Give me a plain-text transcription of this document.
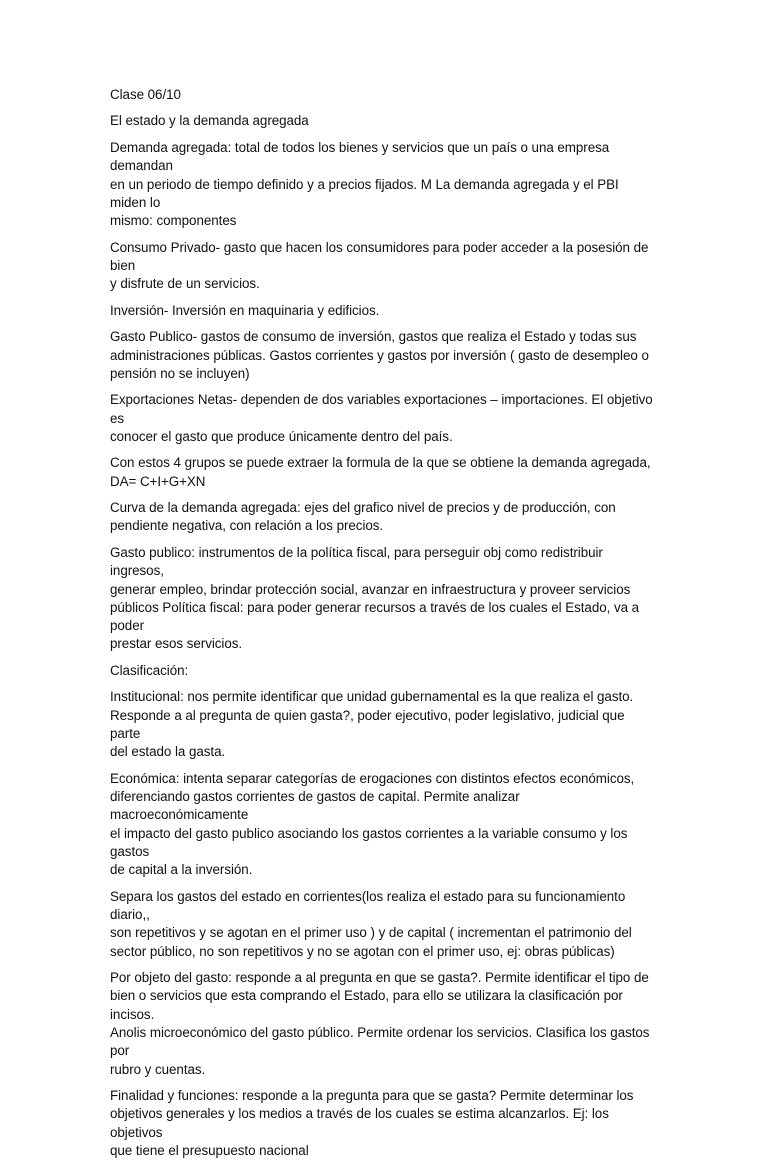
Clase 06/10

El estado y la demanda agregada

Demanda agregada: total de todos los bienes y servicios que un país o una empresa demandan
en un periodo de tiempo definido y a precios fijados. M La demanda agregada y el PBI miden lo
mismo: componentes

Consumo Privado- gasto que hacen los consumidores para poder acceder a la posesión de bien
y disfrute de un servicios.

Inversión- Inversión en maquinaria y edificios.

Gasto Publico- gastos de consumo de inversión, gastos que realiza el Estado y todas sus
administraciones públicas. Gastos corrientes y gastos por inversión ( gasto de desempleo o
pensión no se incluyen)

Exportaciones Netas- dependen de dos variables exportaciones – importaciones. El objetivo es
conocer el gasto que produce únicamente dentro del país.

Con estos 4 grupos se puede extraer la formula de la que se obtiene la demanda agregada,
DA= C+I+G+XN

Curva de la demanda agregada: ejes del grafico nivel de precios y de producción, con
pendiente negativa, con relación a los precios.

Gasto publico: instrumentos de la política fiscal, para perseguir obj como redistribuir ingresos,
generar empleo, brindar protección social, avanzar en infraestructura y proveer servicios
públicos Política fiscal: para poder generar recursos a través de los cuales el Estado, va a poder
prestar esos servicios.

Clasificación:

Institucional: nos permite identificar que unidad gubernamental es la que realiza el gasto.
Responde a al pregunta de quien gasta?, poder ejecutivo, poder legislativo, judicial que parte
del estado la gasta.

Económica: intenta separar categorías de erogaciones con distintos efectos económicos,
diferenciando gastos corrientes de gastos de capital. Permite analizar macroeconómicamente
el impacto del gasto publico asociando los gastos corrientes a la variable consumo y los gastos
de capital a la inversión.

Separa los gastos del estado en corrientes(los realiza el estado para su funcionamiento diario,,
son repetitivos y se agotan en el primer uso ) y de capital ( incrementan el patrimonio del
sector público, no son repetitivos y no se agotan con el primer uso, ej: obras públicas)

Por objeto del gasto: responde a al pregunta en que se gasta?. Permite identificar el tipo de
bien o servicios que esta comprando el Estado, para ello se utilizara la clasificación por incisos.
Anolis microeconómico del gasto público. Permite ordenar los servicios. Clasifica los gastos por
rubro y cuentas.

Finalidad y funciones: responde a la pregunta para que se gasta? Permite determinar los
objetivos generales y los medios a través de los cuales se estima alcanzarlos. Ej: los objetivos
que tiene el presupuesto nacional
